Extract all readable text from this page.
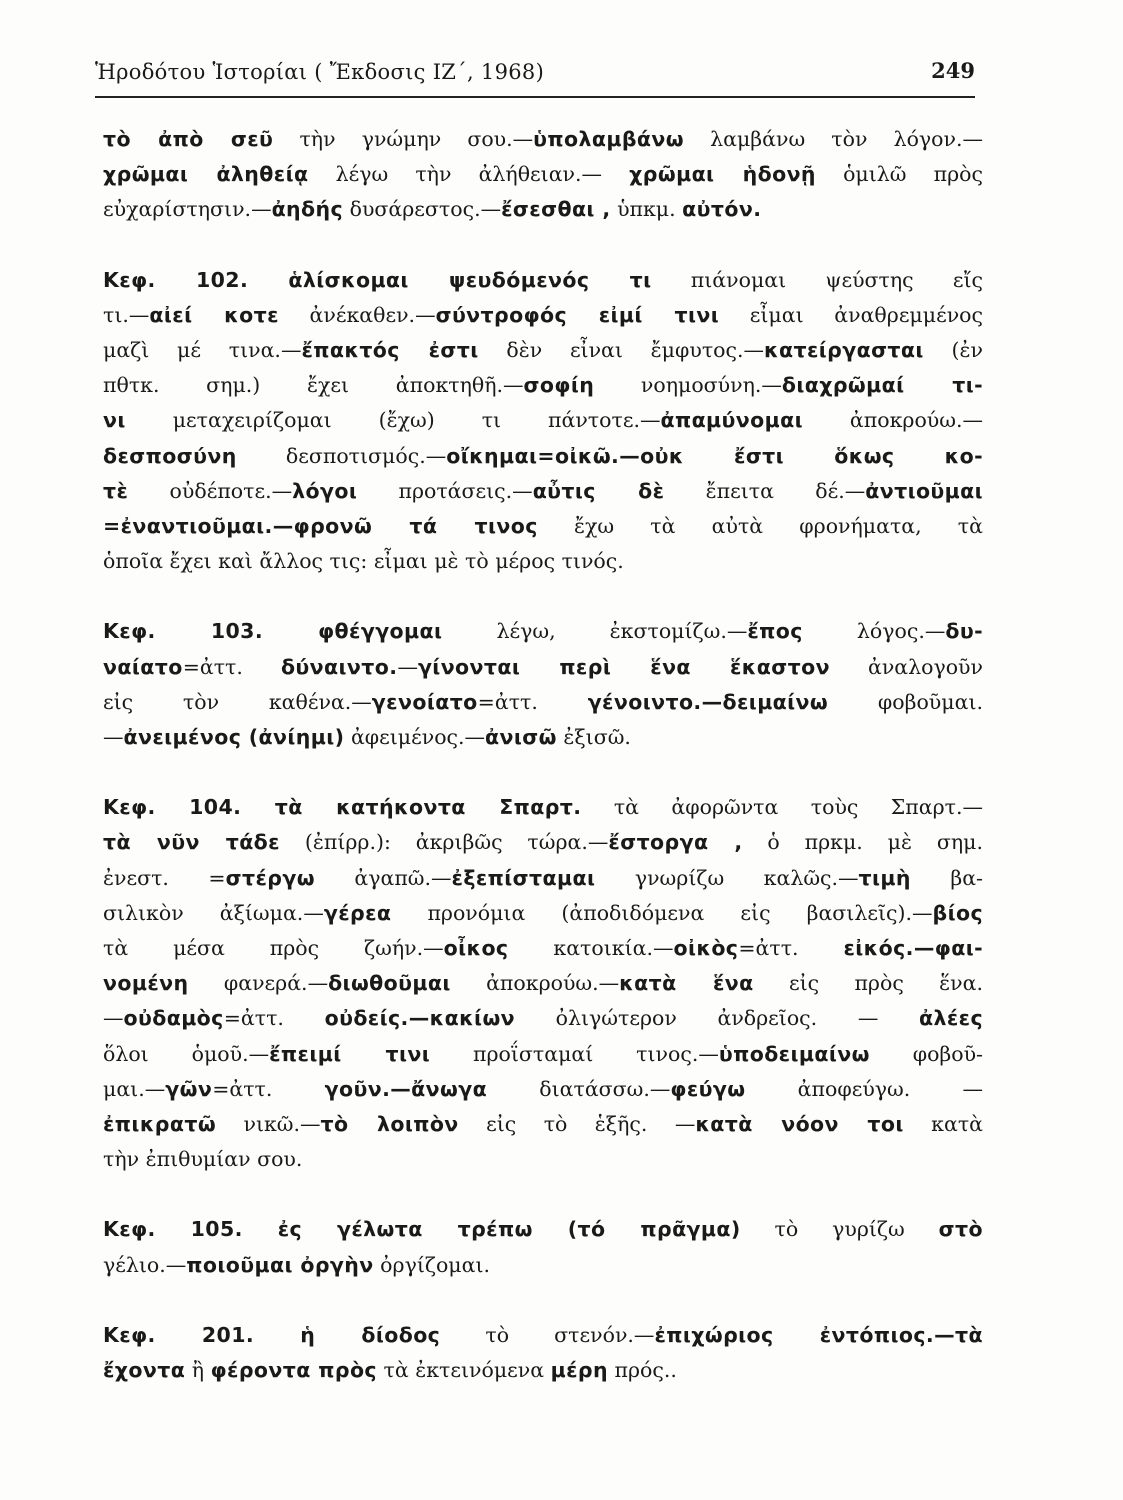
Ἡροδότου Ἱστορίαι ( Ἔκδοσις ΙΖ΄, 1968)	249
τὸ ἀπὸ σεῦ τὴν γνώμην σου.—ὑπολαμβάνω λαμβάνω τὸν λόγον.—
χρῶμαι ἀληθείᾳ λέγω τὴν ἀλήθειαν.— χρῶμαι ἡδονῇ ὁμιλῶ πρὸς
εὐχαρίστησιν.—ἀηδής δυσάρεστος.—ἔσεσθαι , ὑπκμ. αὐτόν.
Κεφ. 102. ἁλίσκομαι ψευδόμενός τι πιάνομαι ψεύστης εἴς
τι.—αἰεί κοτε ἀνέκαθεν.—σύντροφός εἰμί τινι εἶμαι ἀναθρεμμένος
μαζὶ μέ τινα.—ἔπακτός ἐστι δὲν εἶναι ἔμφυτος.—κατείργασται (ἐν
πθτκ. σημ.) ἔχει ἀποκτηθῆ.—σοφίη νοημοσύνη.—διαχρῶμαί τι-
νι μεταχειρίζομαι (ἔχω) τι πάντοτε.—ἀπαμύνομαι ἀποκρούω.—
δεσποσύνη δεσποτισμός.—οἴκημαι=οἰκῶ.—οὐκ ἔστι ὅκως κο-
τὲ οὐδέποτε.—λόγοι προτάσεις.—αὖτις δὲ ἔπειτα δέ.—ἀντιοῦμαι
=ἐναντιοῦμαι.—φρονῶ τά τινος ἔχω τὰ αὐτὰ φρονήματα, τὰ
ὁποῖα ἔχει καὶ ἄλλος τις: εἶμαι μὲ τὸ μέρος τινός.
Κεφ. 103. φθέγγομαι λέγω, ἐκστομίζω.—ἔπος λόγος.—δυ-
ναίατο=ἀττ. δύναιντο.—γίνονται περὶ ἕνα ἕκαστον ἀναλογοῦν
εἰς τὸν καθένα.—γενοίατο=ἀττ. γένοιντο.—δειμαίνω φοβοῦμαι.
—ἀνειμένος (ἀνίημι) ἀφειμένος.—ἀνισῶ ἐξισῶ.
Κεφ. 104. τὰ κατήκοντα Σπαρτ. τὰ ἀφορῶντα τοὺς Σπαρτ.—
τὰ νῦν τάδε (ἐπίρρ.): ἀκριβῶς τώρα.—ἔστοργα , ὁ πρκμ. μὲ σημ.
ἐνεστ. =στέργω ἀγαπῶ.—ἐξεπίσταμαι γνωρίζω καλῶς.—τιμὴ βα-
σιλικὸν ἀξίωμα.—γέρεα προνόμια (ἀποδιδόμενα εἰς βασιλεῖς).—βίος
τὰ μέσα πρὸς ζωήν.—οἶκος κατοικία.—οἰκὸς=ἀττ. εἰκός.—φαι-
νομένη φανερά.—διωθοῦμαι ἀποκρούω.—κατὰ ἕνα εἰς πρὸς ἕνα.
—οὐδαμὸς=ἀττ. οὐδείς.—κακίων ὀλιγώτερον ἀνδρεῖος. — ἀλέες
ὅλοι ὁμοῦ.—ἔπειμί τινι προΐσταμαί τινος.—ὑποδειμαίνω φοβοῦ-
μαι.—γῶν=ἀττ. γοῦν.—ἄνωγα διατάσσω.—φεύγω ἀποφεύγω. —
ἐπικρατῶ νικῶ.—τὸ λοιπὸν εἰς τὸ ἑξῆς. —κατὰ νόον τοι κατὰ
τὴν ἐπιθυμίαν σου.
Κεφ. 105. ἐς γέλωτα τρέπω (τό πρᾶγμα) τὸ γυρίζω στὸ
γέλιο.—ποιοῦμαι ὀργὴν ὀργίζομαι.
Κεφ. 201. ἡ δίοδος τὸ στενόν.—ἐπιχώριος ἐντόπιος.—τὰ
ἔχοντα ἢ φέροντα πρὸς τὰ ἐκτεινόμενα μέρη πρός..
